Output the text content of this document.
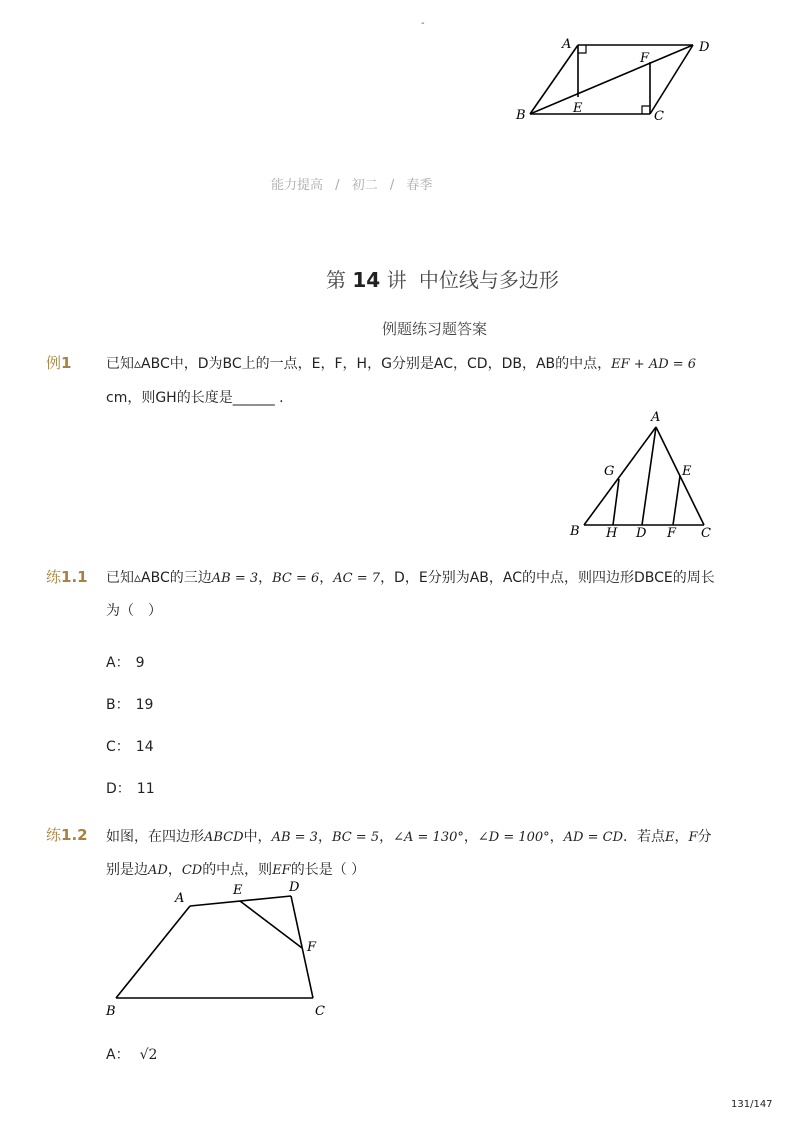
-
A	D
F
B	E
C
能力提高 / 初二 / 春季
第 14 讲 中位线与多边形
例题练习题答案
例1 已知▵ABC中，D为BC上的一点，E，F，H，G分别是AC，CD，DB，AB的中点，EF + AD = 6
cm，则GH的长度是______ .
A
G	E
B H D F C
练1.1 已知▵ABC的三边AB = 3，BC = 6，AC = 7，D，E分别为AB，AC的中点，则四边形DBCE的周长
为（　）
A： 9
B： 19
C： 14
D： 11
练1.2 如图，在四边形ABCD中，AB = 3，BC = 5，∠A = 130°，∠D = 100°，AD = CD．若点E，F分
别是边AD，CD的中点，则EF的长是（ ）
A
E	D
F
B	C
A： √2
131/147
